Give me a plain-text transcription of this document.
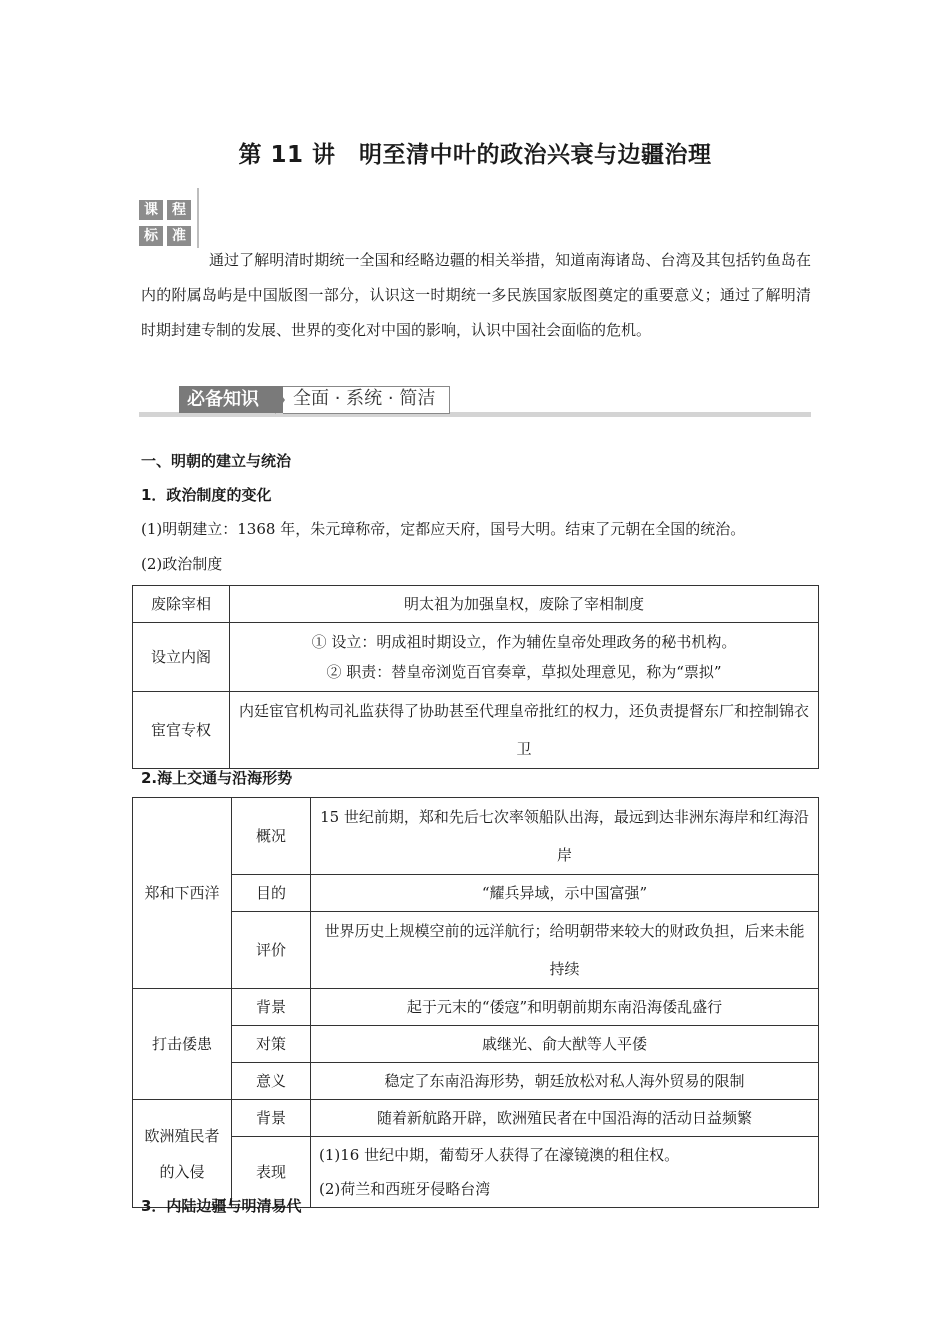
第 11 讲　明至清中叶的政治兴衰与边疆治理
课	程
标	准
通过了解明清时期统一全国和经略边疆的相关举措，知道南海诸岛、台湾及其包括钓鱼岛在内的附属岛屿是中国版图一部分，认识这一时期统一多民族国家版图奠定的重要意义；通过了解明清时期封建专制的发展、世界的变化对中国的影响，认识中国社会面临的危机。
必备知识 全面 · 系统 · 简洁
一、明朝的建立与统治
1．政治制度的变化
(1)明朝建立：1368 年，朱元璋称帝，定都应天府，国号大明。结束了元朝在全国的统治。
(2)政治制度
废除宰相	明太祖为加强皇权，废除了宰相制度
设立内阁	① 设立：明成祖时期设立，作为辅佐皇帝处理政务的秘书机构。
② 职责：替皇帝浏览百官奏章，草拟处理意见，称为“票拟”

宦官专权	内廷宦官机构司礼监获得了协助甚至代理皇帝批红的权力，还负责提督东厂和控制锦衣卫
2.海上交通与沿海形势
郑和下西洋	概况	15 世纪前期，郑和先后七次率领船队出海，最远到达非洲东海岸和红海沿岸
	目的	“耀兵异域，示中国富强”
	评价	世界历史上规模空前的远洋航行；给明朝带来较大的财政负担，后来未能持续
打击倭患	背景	起于元末的“倭寇”和明朝前期东南沿海倭乱盛行
	对策	戚继光、俞大猷等人平倭
	意义	稳定了东南沿海形势，朝廷放松对私人海外贸易的限制
欧洲殖民者的入侵	背景	随着新航路开辟，欧洲殖民者在中国沿海的活动日益频繁
	表现	(1)16 世纪中期，葡萄牙人获得了在濠镜澳的租住权。
(2)荷兰和西班牙侵略台湾
3．内陆边疆与明清易代
